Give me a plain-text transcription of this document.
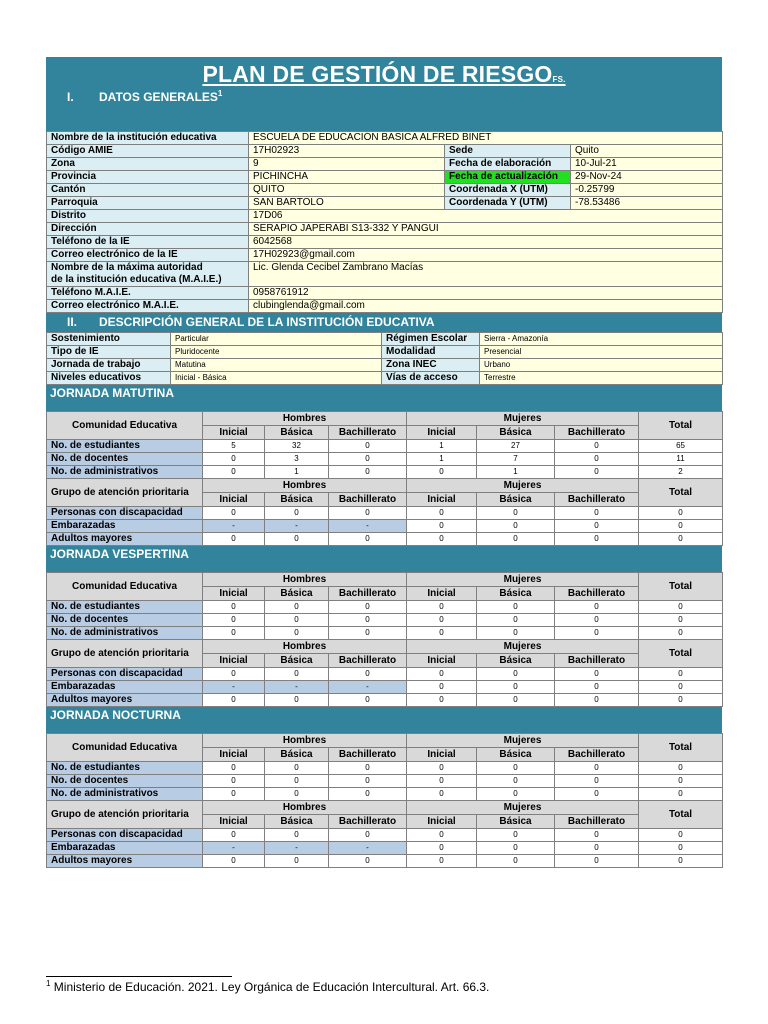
PLAN DE GESTIÓN DE RIESGOFS.
I. DATOS GENERALES$^1$
Nombre de la institución educativa	ESCUELA DE EDUCACIÓN BASICA ALFRED BINET		
Código AMIE	17H02923	Sede	Quito
Zona	9	Fecha de elaboración	10-Jul-21
Provincia	PICHINCHA	Fecha de actualización	29-Nov-24
Cantón	QUITO	Coordenada X (UTM)	-0.25799
Parroquia	SAN BARTOLO	Coordenada Y (UTM)	-78.53486
Distrito	17D06		
Dirección	SERAPIO JAPERABI S13-332 Y PANGUI		
Teléfono de la IE	6042568		
Correo electrónico de la IE	17H02923@gmail.com		

Nombre de la máxima autoridad
de la institución educativa (M.A.I.E.)	Lic. Glenda Cecibel Zambrano Macías		
Teléfono M.A.I.E.	0958761912		
Correo electrónico M.A.I.E.	clubinglenda@gmail.com		
II. DESCRIPCIÓN GENERAL DE LA INSTITUCIÓN EDUCATIVA
Sostenimiento	Particular	Régimen Escolar	Sierra - Amazonía
Tipo de IE	Pluridocente	Modalidad	Presencial
Jornada de trabajo	Matutina	Zona INEC	Urbano
Niveles educativos	Inicial - Básica	Vías de acceso	Terrestre
JORNADA MATUTINA
Comunidad Educativa	Hombres			Mujeres			Total
	Inicial	Básica	Bachillerato	Inicial	Básica	Bachillerato	
No. de estudiantes	5	32	0	1	27	0	65
No. de docentes	0	3	0	1	7	0	11
No. de administrativos	0	1	0	0	1	0	2
Grupo de atención prioritaria	Hombres			Mujeres			Total
	Inicial	Básica	Bachillerato	Inicial	Básica	Bachillerato	
Personas con discapacidad	0	0	0	0	0	0	0
Embarazadas	-	-	-	0	0	0	0
Adultos mayores	0	0	0	0	0	0	0
JORNADA VESPERTINA
Comunidad Educativa	Hombres			Mujeres			Total
	Inicial	Básica	Bachillerato	Inicial	Básica	Bachillerato	
No. de estudiantes	0	0	0	0	0	0	0
No. de docentes	0	0	0	0	0	0	0
No. de administrativos	0	0	0	0	0	0	0
Grupo de atención prioritaria	Hombres			Mujeres			Total
	Inicial	Básica	Bachillerato	Inicial	Básica	Bachillerato	
Personas con discapacidad	0	0	0	0	0	0	0
Embarazadas	-	-	-	0	0	0	0
Adultos mayores	0	0	0	0	0	0	0
JORNADA NOCTURNA
Comunidad Educativa	Hombres			Mujeres			Total
	Inicial	Básica	Bachillerato	Inicial	Básica	Bachillerato	
No. de estudiantes	0	0	0	0	0	0	0
No. de docentes	0	0	0	0	0	0	0
No. de administrativos	0	0	0	0	0	0	0
Grupo de atención prioritaria	Hombres			Mujeres			Total
	Inicial	Básica	Bachillerato	Inicial	Básica	Bachillerato	
Personas con discapacidad	0	0	0	0	0	0	0
Embarazadas	-	-	-	0	0	0	0
Adultos mayores	0	0	0	0	0	0	0
$^1$ Ministerio de Educación. 2021. Ley Orgánica de Educación Intercultural. Art. 66.3.
